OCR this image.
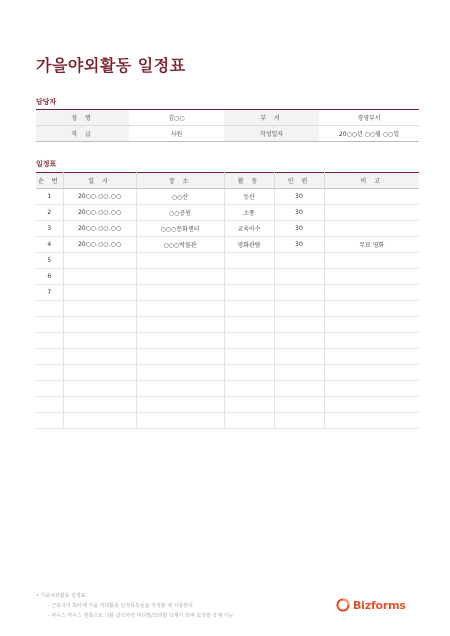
가을야외활동 일정표
담당자
성 명	김○○	부 서	경영부서
직 급	사원	작성일자	20○○년 ○○월 ○○일
일정표
순 번	일 시	장 소	활 동	인 원	비 고
1	20○○.○○.○○	○○산	등산	30	
2	20○○.○○.○○	○○공원	소풍	30	
3	20○○.○○.○○	○○○문화센터	교육이수	30	
4	20○○.○○.○○	○○○박물관	영화관람	30	무료 영화
5					
6					
7					

• 가을야외활동 일정표
- 근로자의 회사에 가을 야외활동 일정목록들을 작성할 때 사용한다.
- 마우스 마우스 원쪽으로 더블 클릭하면 머리말/꼬리말 삭제가 되며 꼬리말 삭제 가능
Bizforms
